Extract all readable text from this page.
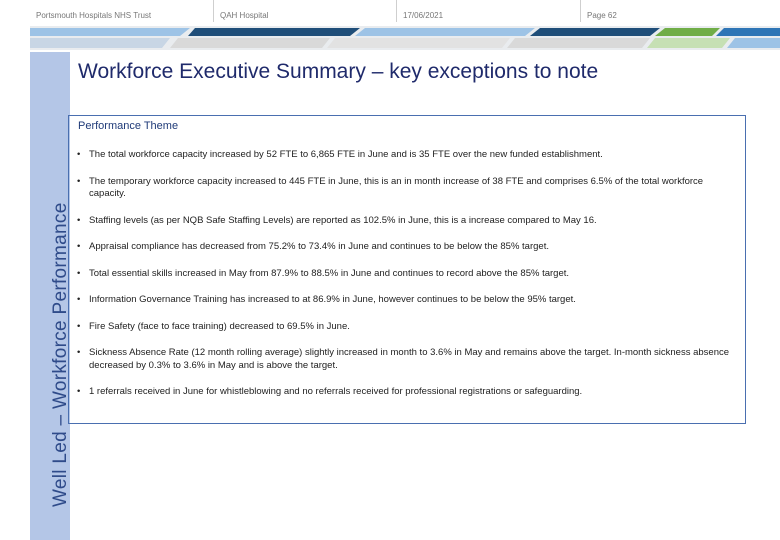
Portsmouth Hospitals NHS Trust	QAH Hospital	17/06/2021	Page 62
Well Led – Workforce Performance
Workforce Executive Summary – key exceptions to note
Performance Theme
• The total workforce capacity increased by 52 FTE to 6,865 FTE in June and is 35 FTE over the new funded establishment.
• The temporary workforce capacity increased to 445 FTE in June, this is an in month increase of 38 FTE and comprises 6.5% of the total workforce capacity.
• Staffing levels (as per NQB Safe Staffing Levels) are reported as 102.5% in June, this is a increase compared to May 16.
• Appraisal compliance has decreased from 75.2% to 73.4% in June and continues to be below the 85% target.
• Total essential skills increased in May from 87.9% to 88.5% in June and continues to record above the 85% target.
• Information Governance Training has increased to at 86.9% in June, however continues to be below the 95% target.
• Fire Safety (face to face training) decreased to 69.5% in June.
• Sickness Absence Rate (12 month rolling average) slightly increased in month to 3.6% in May and remains above the target. In-month sickness absence decreased by 0.3% to 3.6% in May and is above the target.
• 1 referrals received in June for whistleblowing and no referrals received for professional registrations or safeguarding.
